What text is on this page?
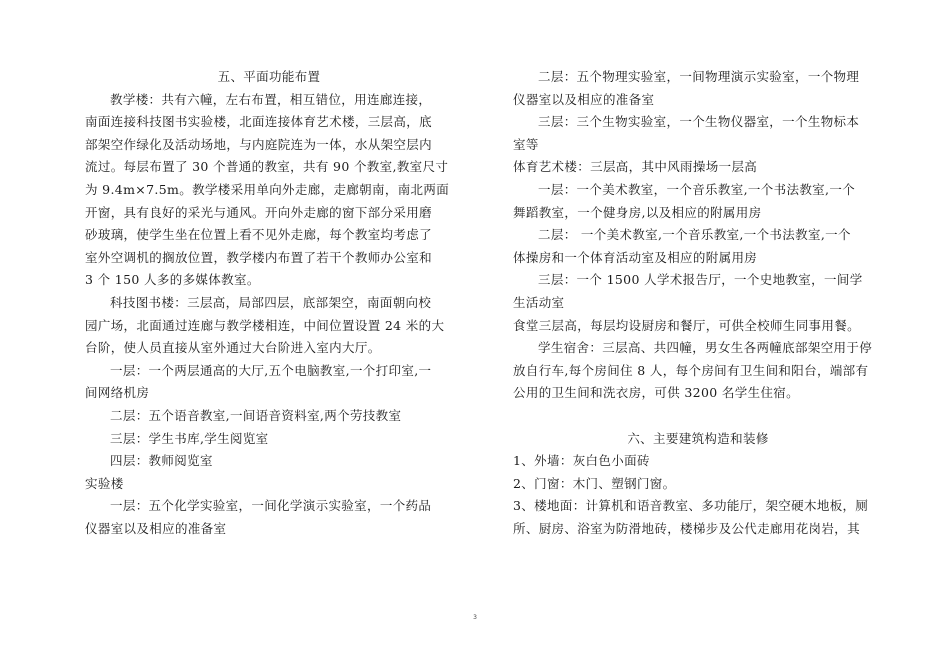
五、平面功能布置
教学楼：共有六幢，左右布置，相互错位，用连廊连接，
南面连接科技图书实验楼，北面连接体育艺术楼，三层高，底
部架空作绿化及活动场地，与内庭院连为一体，水从架空层内
流过。每层布置了 30 个普通的教室，共有 90 个教室,教室尺寸
为 9.4m×7.5m。教学楼采用单向外走廊，走廊朝南，南北两面
开窗，具有良好的采光与通风。开向外走廊的窗下部分采用磨
砂玻璃，使学生坐在位置上看不见外走廊，每个教室均考虑了
室外空调机的搁放位置，教学楼内布置了若干个教师办公室和
3 个 150 人多的多媒体教室。
科技图书楼：三层高，局部四层，底部架空，南面朝向校
园广场，北面通过连廊与教学楼相连，中间位置设置 24 米的大
台阶，使人员直接从室外通过大台阶进入室内大厅。
一层：一个两层通高的大厅,五个电脑教室,一个打印室,一
间网络机房
二层：五个语音教室,一间语音资料室,两个劳技教室
三层：学生书库,学生阅览室
四层：教师阅览室
实验楼
一层：五个化学实验室，一间化学演示实验室，一个药品
仪器室以及相应的准备室
二层：五个物理实验室，一间物理演示实验室，一个物理
仪器室以及相应的准备室
三层：三个生物实验室，一个生物仪器室，一个生物标本
室等
体育艺术楼：三层高，其中风雨操场一层高
一层：一个美术教室，一个音乐教室,一个书法教室,一个
舞蹈教室，一个健身房,以及相应的附属用房
二层： 一个美术教室,一个音乐教室,一个书法教室,一个
体操房和一个体育活动室及相应的附属用房
三层：一个 1500 人学术报告厅，一个史地教室，一间学
生活动室
食堂三层高，每层均设厨房和餐厅，可供全校师生同事用餐。
学生宿舍：三层高、共四幢，男女生各两幢底部架空用于停
放自行车,每个房间住 8 人，每个房间有卫生间和阳台，端部有
公用的卫生间和洗衣房，可供 3200 名学生住宿。
六、主要建筑构造和装修
1、外墙：灰白色小面砖
2、门窗：木门、塑钢门窗。
3、楼地面：计算机和语音教室、多功能厅，架空硬木地板，厕
所、厨房、浴室为防滑地砖，楼梯步及公代走廊用花岗岩，其
3
